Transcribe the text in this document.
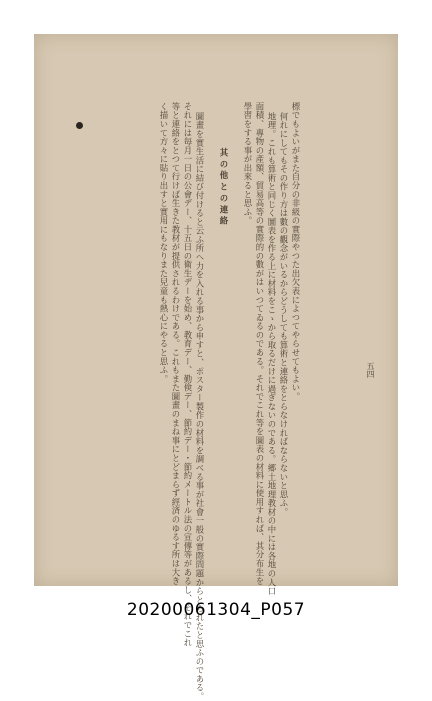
標でもよいがまた自分の非級の實際やつた出欠表によつてやらせてもよい。
何れにしてもその作り方は數の觀念がいるからどうしても算術と連絡をとらなければならないと思ふ。
地理。これも算術と同じく圖表を作る上に材料をこゝから取るだけに過ぎないのである。郷土地理教材の中には各地の人口
面積、專物の產額、貿易高等の實際的の數がはいつてゐるのである。それでこれ等を圖表の材料に使用すれば、其分布生を
學習をする事が出來ると思ふ。
其の他との連絡
圖畫を實生活に結び付けると云ふ所へ力を入れる事から申すと、ポスター製作の材料を調べる事が社會一般の實際問題からとられたと思ふのである。
それには毎月一日の公會デー、十五日の衛生デーを始め、教育デー、勤倹デー、節約デー・節約メートル法の宣傳等があるし、それでこれ
等と連絡をとつて行けば生きた教材が提供されるわけである。これもまた圖畫のまね事にとどまらず經済のゆるす所は大き
く描いて方々に貼り出すと實用にもなりまた兒童も熱心にやると思ふ。	五四
20200061304_P057
